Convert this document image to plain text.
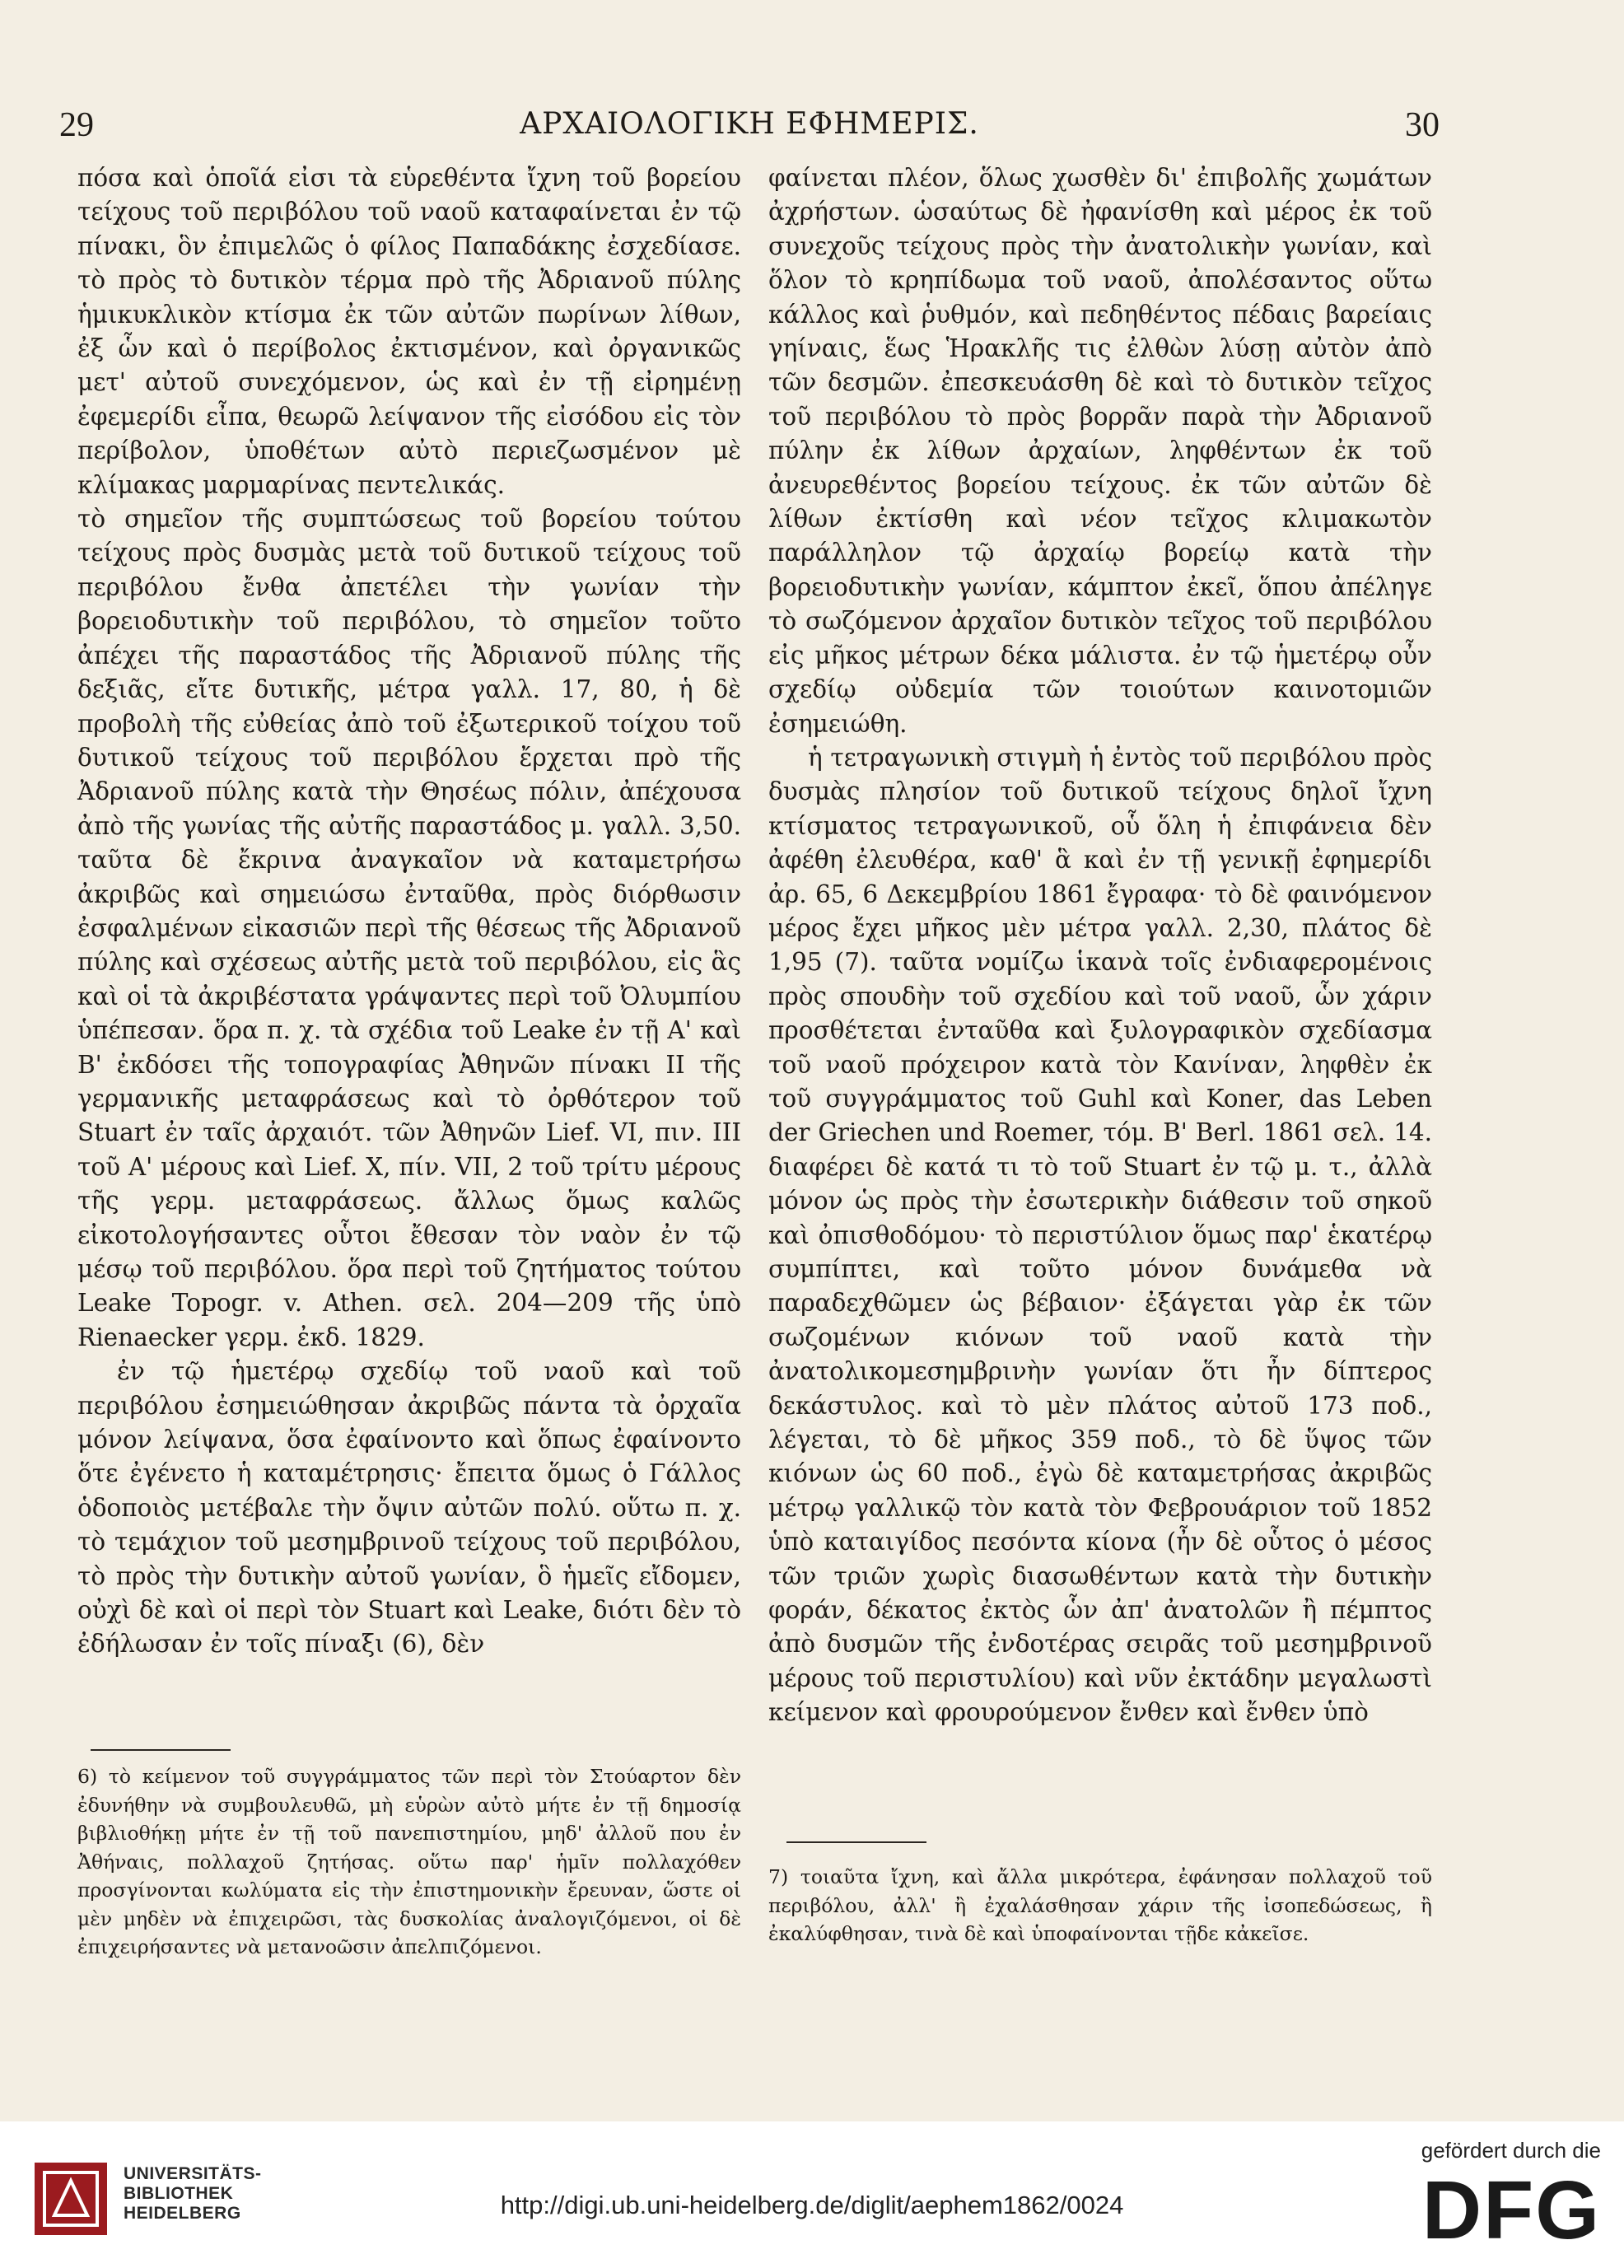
29	ΑΡΧΑΙΟΛΟΓΙΚΗ ΕΦΗΜΕΡΙΣ.	30

πόσα καὶ ὁποῖά εἰσι τὰ εὑρεθέντα ἴχνη τοῦ βορείου τείχους τοῦ περιβόλου τοῦ ναοῦ καταφαίνεται ἐν τῷ πίνακι, ὃν ἐπιμελῶς ὁ φίλος Παπαδάκης ἐσχεδίασε. τὸ πρὸς τὸ δυτικὸν τέρμα πρὸ τῆς Ἀδριανοῦ πύλης ἡμικυκλικὸν κτίσμα ἐκ τῶν αὐτῶν πωρίνων λίθων, ἐξ ὧν καὶ ὁ περίβολος ἐκτισμένον, καὶ ὀργανικῶς μετ' αὐτοῦ συνεχόμενον, ὡς καὶ ἐν τῇ εἰρημένῃ ἐφεμερίδι εἶπα, θεωρῶ λείψανον τῆς εἰσόδου εἰς τὸν περίβολον, ὑποθέτων αὐτὸ περιεζωσμένον μὲ κλίμακας μαρμαρίνας πεντελικάς.

τὸ σημεῖον τῆς συμπτώσεως τοῦ βορείου τούτου τείχους πρὸς δυσμὰς μετὰ τοῦ δυτικοῦ τείχους τοῦ περιβόλου ἔνθα ἀπετέλει τὴν γωνίαν τὴν βορειοδυτικὴν τοῦ περιβόλου, τὸ σημεῖον τοῦτο ἀπέχει τῆς παραστάδος τῆς Ἀδριανοῦ πύλης τῆς δεξιᾶς, εἴτε δυτικῆς, μέτρα γαλλ. 17, 80, ἡ δὲ προβολὴ τῆς εὐθείας ἀπὸ τοῦ ἐξωτερικοῦ τοίχου τοῦ δυτικοῦ τείχους τοῦ περιβόλου ἔρχεται πρὸ τῆς Ἀδριανοῦ πύλης κατὰ τὴν Θησέως πόλιν, ἀπέχουσα ἀπὸ τῆς γωνίας τῆς αὐτῆς παραστάδος μ. γαλλ. 3,50. ταῦτα δὲ ἔκρινα ἀναγκαῖον νὰ καταμετρήσω ἀκριβῶς καὶ σημειώσω ἐνταῦθα, πρὸς διόρθωσιν ἐσφαλμένων εἰκασιῶν περὶ τῆς θέσεως τῆς Ἀδριανοῦ πύλης καὶ σχέσεως αὐτῆς μετὰ τοῦ περιβόλου, εἰς ἃς καὶ οἱ τὰ ἀκριβέστατα γράψαντες περὶ τοῦ Ὀλυμπίου ὑπέπεσαν. ὅρα π. χ. τὰ σχέδια τοῦ Leake ἐν τῇ Α' καὶ Β' ἐκδόσει τῆς τοπογραφίας Ἀθηνῶν πίνακι II τῆς γερμανικῆς μεταφράσεως καὶ τὸ ὀρθότερον τοῦ Stuart ἐν ταῖς ἀρχαιότ. τῶν Ἀθηνῶν Lief. VI, πιν. III τοῦ Α' μέρους καὶ Lief. X, πίν. VII, 2 τοῦ τρίτυ μέρους τῆς γερμ. μεταφράσεως. ἄλλως ὅμως καλῶς εἰκοτολογήσαντες οὗτοι ἔθεσαν τὸν ναὸν ἐν τῷ μέσῳ τοῦ περιβόλου. ὅρα περὶ τοῦ ζητήματος τούτου Leake Topogr. v. Athen. σελ. 204—209 τῆς ὑπὸ Rienaecker γερμ. ἐκδ. 1829.

ἐν τῷ ἡμετέρῳ σχεδίῳ τοῦ ναοῦ καὶ τοῦ περιβόλου ἐσημειώθησαν ἀκριβῶς πάντα τὰ ὀρχαῖα μόνον λείψανα, ὅσα ἐφαίνοντο καὶ ὅπως ἐφαίνοντο ὅτε ἐγένετο ἡ καταμέτρησις· ἔπειτα ὅμως ὁ Γάλλος ὁδοποιὸς μετέβαλε τὴν ὄψιν αὐτῶν πολύ. οὕτω π. χ. τὸ τεμάχιον τοῦ μεσημβρινοῦ τείχους τοῦ περιβόλου, τὸ πρὸς τὴν δυτικὴν αὐτοῦ γωνίαν, ὃ ἡμεῖς εἴδομεν, οὐχὶ δὲ καὶ οἱ περὶ τὸν Stuart καὶ Leake, διότι δὲν τὸ ἐδήλωσαν ἐν τοῖς πίναξι (6), δὲν

6) τὸ κείμενον τοῦ συγγράμματος τῶν περὶ τὸν Στούαρτον δὲν ἐδυνήθην νὰ συμβουλευθῶ, μὴ εὑρὼν αὐτὸ μήτε ἐν τῇ δημοσίᾳ βιβλιοθήκῃ μήτε ἐν τῇ τοῦ πανεπιστημίου, μηδ' ἀλλοῦ που ἐν Ἀθήναις, πολλαχοῦ ζητήσας. οὕτω παρ' ἡμῖν πολλαχόθεν προσγίνονται κωλύματα εἰς τὴν ἐπιστημονικὴν ἔρευναν, ὥστε οἱ μὲν μηδὲν νὰ ἐπιχειρῶσι, τὰς δυσκολίας ἀναλογιζόμενοι, οἱ δὲ ἐπιχειρήσαντες νὰ μετανοῶσιν ἀπελπιζόμενοι.

φαίνεται πλέον, ὅλως χωσθὲν δι' ἐπιβολῆς χωμάτων ἀχρήστων. ὡσαύτως δὲ ἠφανίσθη καὶ μέρος ἐκ τοῦ συνεχοῦς τείχους πρὸς τὴν ἀνατολικὴν γωνίαν, καὶ ὅλον τὸ κρηπίδωμα τοῦ ναοῦ, ἀπολέσαντος οὕτω κάλλος καὶ ῥυθμόν, καὶ πεδηθέντος πέδαις βαρείαις γηίναις, ἕως Ἡρακλῆς τις ἐλθὼν λύσῃ αὐτὸν ἀπὸ τῶν δεσμῶν. ἐπεσκευάσθη δὲ καὶ τὸ δυτικὸν τεῖχος τοῦ περιβόλου τὸ πρὸς βορρᾶν παρὰ τὴν Ἀδριανοῦ πύλην ἐκ λίθων ἀρχαίων, ληφθέντων ἐκ τοῦ ἀνευρεθέντος βορείου τείχους. ἐκ τῶν αὐτῶν δὲ λίθων ἐκτίσθη καὶ νέον τεῖχος κλιμακωτὸν παράλληλον τῷ ἀρχαίῳ βορείῳ κατὰ τὴν βορειοδυτικὴν γωνίαν, κάμπτον ἐκεῖ, ὅπου ἀπέληγε τὸ σωζόμενον ἀρχαῖον δυτικὸν τεῖχος τοῦ περιβόλου εἰς μῆκος μέτρων δέκα μάλιστα. ἐν τῷ ἡμετέρῳ οὖν σχεδίῳ οὐδεμία τῶν τοιούτων καινοτομιῶν ἐσημειώθη.

ἡ τετραγωνικὴ στιγμὴ ἡ ἐντὸς τοῦ περιβόλου πρὸς δυσμὰς πλησίον τοῦ δυτικοῦ τείχους δηλοῖ ἴχνη κτίσματος τετραγωνικοῦ, οὗ ὅλη ἡ ἐπιφάνεια δὲν ἀφέθη ἐλευθέρα, καθ' ἃ καὶ ἐν τῇ γενικῇ ἐφημερίδι ἀρ. 65, 6 Δεκεμβρίου 1861 ἔγραφα· τὸ δὲ φαινόμενον μέρος ἔχει μῆκος μὲν μέτρα γαλλ. 2,30, πλάτος δὲ 1,95 (7). ταῦτα νομίζω ἱκανὰ τοῖς ἐνδιαφερομένοις πρὸς σπουδὴν τοῦ σχεδίου καὶ τοῦ ναοῦ, ὧν χάριν προσθέτεται ἐνταῦθα καὶ ξυλογραφικὸν σχεδίασμα τοῦ ναοῦ πρόχειρον κατὰ τὸν Κανίναν, ληφθὲν ἐκ τοῦ συγγράμματος τοῦ Guhl καὶ Koner, das Leben der Griechen und Roemer, τόμ. Β' Berl. 1861 σελ. 14. διαφέρει δὲ κατά τι τὸ τοῦ Stuart ἐν τῷ μ. τ., ἀλλὰ μόνον ὡς πρὸς τὴν ἐσωτερικὴν διάθεσιν τοῦ σηκοῦ καὶ ὀπισθοδόμου· τὸ περιστύλιον ὅμως παρ' ἑκατέρῳ συμπίπτει, καὶ τοῦτο μόνον δυνάμεθα νὰ παραδεχθῶμεν ὡς βέβαιον· ἐξάγεται γὰρ ἐκ τῶν σωζομένων κιόνων τοῦ ναοῦ κατὰ τὴν ἀνατολικομεσημβρινὴν γωνίαν ὅτι ἦν δίπτερος δεκάστυλος. καὶ τὸ μὲν πλάτος αὐτοῦ 173 ποδ., λέγεται, τὸ δὲ μῆκος 359 ποδ., τὸ δὲ ὕψος τῶν κιόνων ὡς 60 ποδ., ἐγὼ δὲ καταμετρήσας ἀκριβῶς μέτρῳ γαλλικῷ τὸν κατὰ τὸν Φεβρουάριον τοῦ 1852 ὑπὸ καταιγίδος πεσόντα κίονα (ἦν δὲ οὗτος ὁ μέσος τῶν τριῶν χωρὶς διασωθέντων κατὰ τὴν δυτικὴν φοράν, δέκατος ἐκτὸς ὧν ἀπ' ἀνατολῶν ἢ πέμπτος ἀπὸ δυσμῶν τῆς ἐνδοτέρας σειρᾶς τοῦ μεσημβρινοῦ μέρους τοῦ περιστυλίου) καὶ νῦν ἐκτάδην μεγαλωστὶ κείμενον καὶ φρουρούμενον ἔνθεν καὶ ἔνθεν ὑπὸ

7) τοιαῦτα ἴχνη, καὶ ἄλλα μικρότερα, ἐφάνησαν πολλαχοῦ τοῦ περιβόλου, ἀλλ' ἢ ἐχαλάσθησαν χάριν τῆς ἰσοπεδώσεως, ἢ ἐκαλύφθησαν, τινὰ δὲ καὶ ὑποφαίνονται τῇδε κἀκεῖσε.
UNIVERSITÄTS-
BIBLIOTHEK
HEIDELBERG	http://digi.ub.uni-heidelberg.de/diglit/aephem1862/0024
gefördert durch die
DFG
